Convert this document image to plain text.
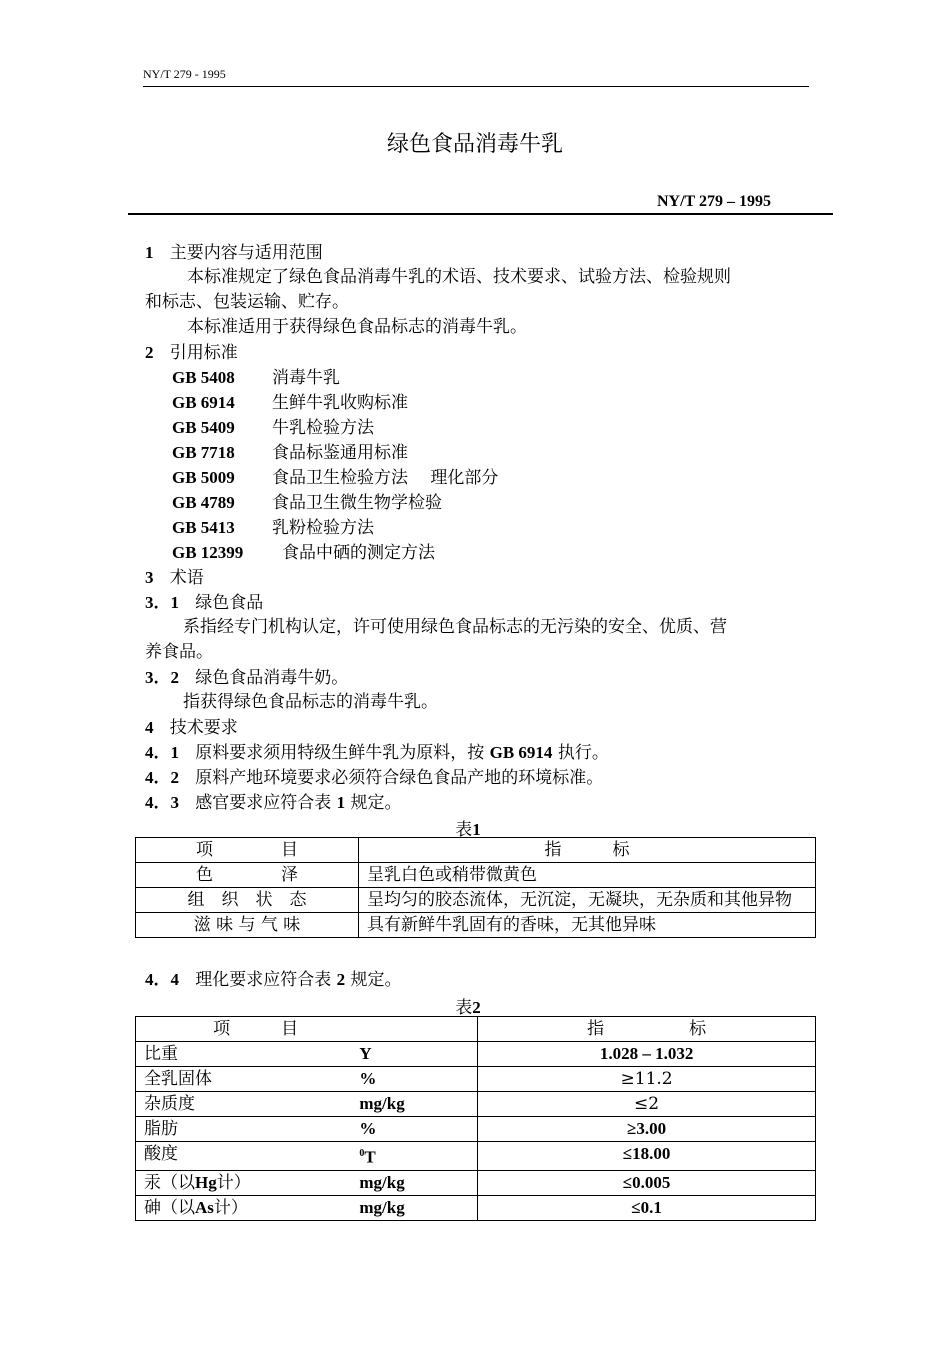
NY/T 279 - 1995
绿色食品消毒牛乳
NY/T 279 – 1995
1 主要内容与适用范围
本标准规定了绿色食品消毒牛乳的术语、技术要求、试验方法、检验规则
和标志、包装运输、贮存。
本标准适用于获得绿色食品标志的消毒牛乳。
2 引用标准
GB 5408 消毒牛乳
GB 6914 生鲜牛乳收购标准
GB 5409 牛乳检验方法
GB 7718 食品标鉴通用标准
GB 5009 食品卫生检验方法　 理化部分
GB 4789 食品卫生微生物学检验
GB 5413 乳粉检验方法
GB 12399 食品中硒的测定方法
3 术语
3．1 绿色食品
系指经专门机构认定，许可使用绿色食品标志的无污染的安全、优质、营
养食品。
3．2 绿色食品消毒牛奶。
指获得绿色食品标志的消毒牛乳。
4 技术要求
4．1 原料要求须用特级生鲜牛乳为原料，按 GB 6914 执行。
4．2 原料产地环境要求必须符合绿色食品产地的环境标准。
4．3 感官要求应符合表 1 规定。
表1
项　　　　目	指　　　标
色　　　　泽	呈乳白色或稍带微黄色
组　织　状　态	呈均匀的胶态流体，无沉淀，无凝块，无杂质和其他异物
滋 味 与 气 味	具有新鲜牛乳固有的香味，无其他异味
4．4 理化要求应符合表 2 规定。
表2
项　　　目		指　　　　　标
比重	Y	1.028 – 1.032
全乳固体	%	≥11.2
杂质度	mg/kg	≤2
脂肪	%	≥3.00
酸度	$^0$T	≤18.00
汞（以Hg计）	mg/kg	≤0.005
砷（以As计）	mg/kg	≤0.1
